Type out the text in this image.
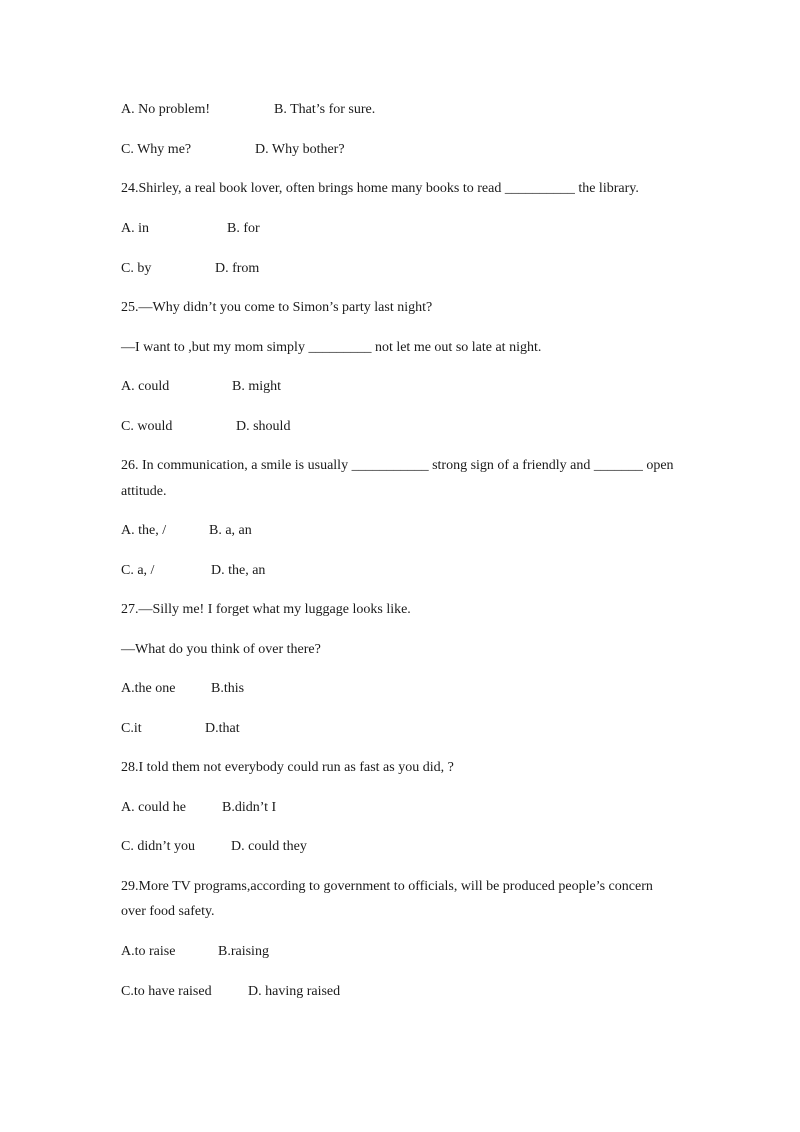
A. No problem!	B. That’s for sure.
C. Why me?	D. Why bother?
24.Shirley, a real book lover, often brings home many books to read __________ the library.
A. in	B. for
C. by	D. from
25.—Why didn’t you come to Simon’s party last night?
—I want to ,but my mom simply _________ not let me out so late at night.
A. could	B. might
C. would	D. should
26. In communication, a smile is usually ___________ strong sign of a friendly and _______ open
attitude.
A. the, /	B. a, an
C. a, /	D. the, an
27.—Silly me! I forget what my luggage looks like.
—What do you think of over there?
A.the one	B.this
C.it	D.that
28.I told them not everybody could run as fast as you did, ?
A. could he	B.didn’t I
C. didn’t you	D. could they
29.More TV programs,according to government to officials, will be produced people’s concern
over food safety.
A.to raise	B.raising
C.to have raised	D. having raised
